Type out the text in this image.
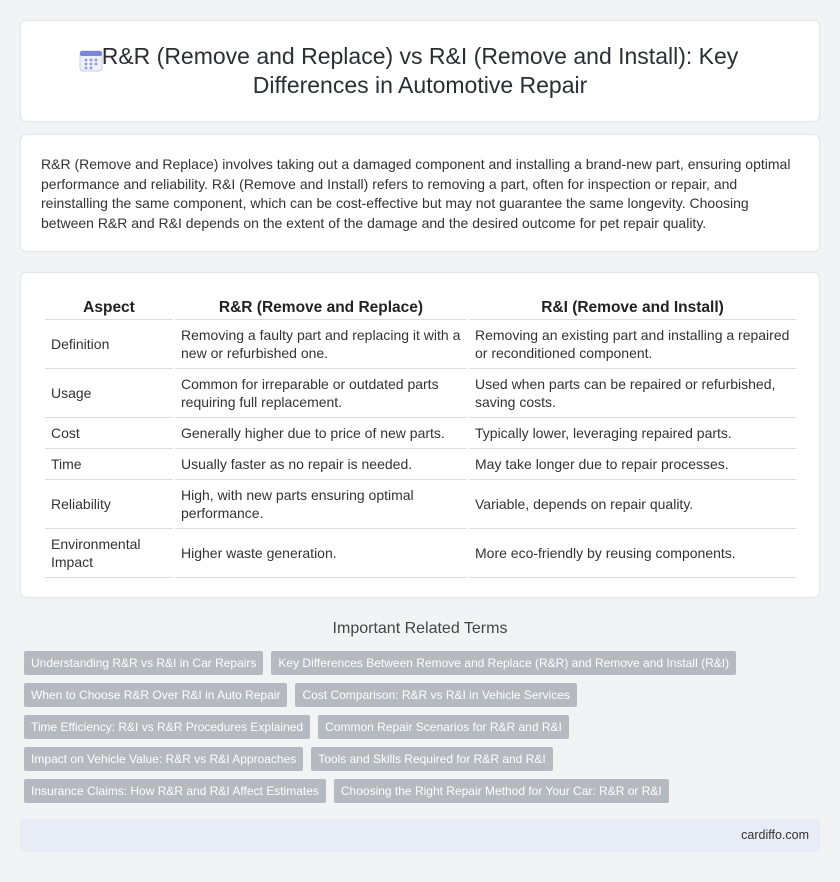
R&R (Remove and Replace) vs R&I (Remove and Install): Key Differences in Automotive Repair

R&R (Remove and Replace) involves taking out a damaged component and installing a brand-new part, ensuring optimal performance and reliability. R&I (Remove and Install) refers to removing a part, often for inspection or repair, and reinstalling the same component, which can be cost-effective but may not guarantee the same longevity. Choosing between R&R and R&I depends on the extent of the damage and the desired outcome for pet repair quality.

Aspect	R&R (Remove and Replace)	R&I (Remove and Install)
Definition	Removing a faulty part and replacing it with a new or refurbished one.	Removing an existing part and installing a repaired or reconditioned component.
Usage	Common for irreparable or outdated parts requiring full replacement.	Used when parts can be repaired or refurbished, saving costs.
Cost	Generally higher due to price of new parts.	Typically lower, leveraging repaired parts.
Time	Usually faster as no repair is needed.	May take longer due to repair processes.
Reliability	High, with new parts ensuring optimal performance.	Variable, depends on repair quality.
Environmental Impact	Higher waste generation.	More eco-friendly by reusing components.
Important Related Terms
Understanding R&R vs R&I in Car Repairs	Key Differences Between Remove and Replace (R&R) and Remove and Install (R&I)
When to Choose R&R Over R&I in Auto Repair	Cost Comparison: R&R vs R&I in Vehicle Services
Time Efficiency: R&I vs R&R Procedures Explained	Common Repair Scenarios for R&R and R&I
Impact on Vehicle Value: R&R vs R&I Approaches	Tools and Skills Required for R&R and R&I
Insurance Claims: How R&R and R&I Affect Estimates	Choosing the Right Repair Method for Your Car: R&R or R&I
cardiffo.com
